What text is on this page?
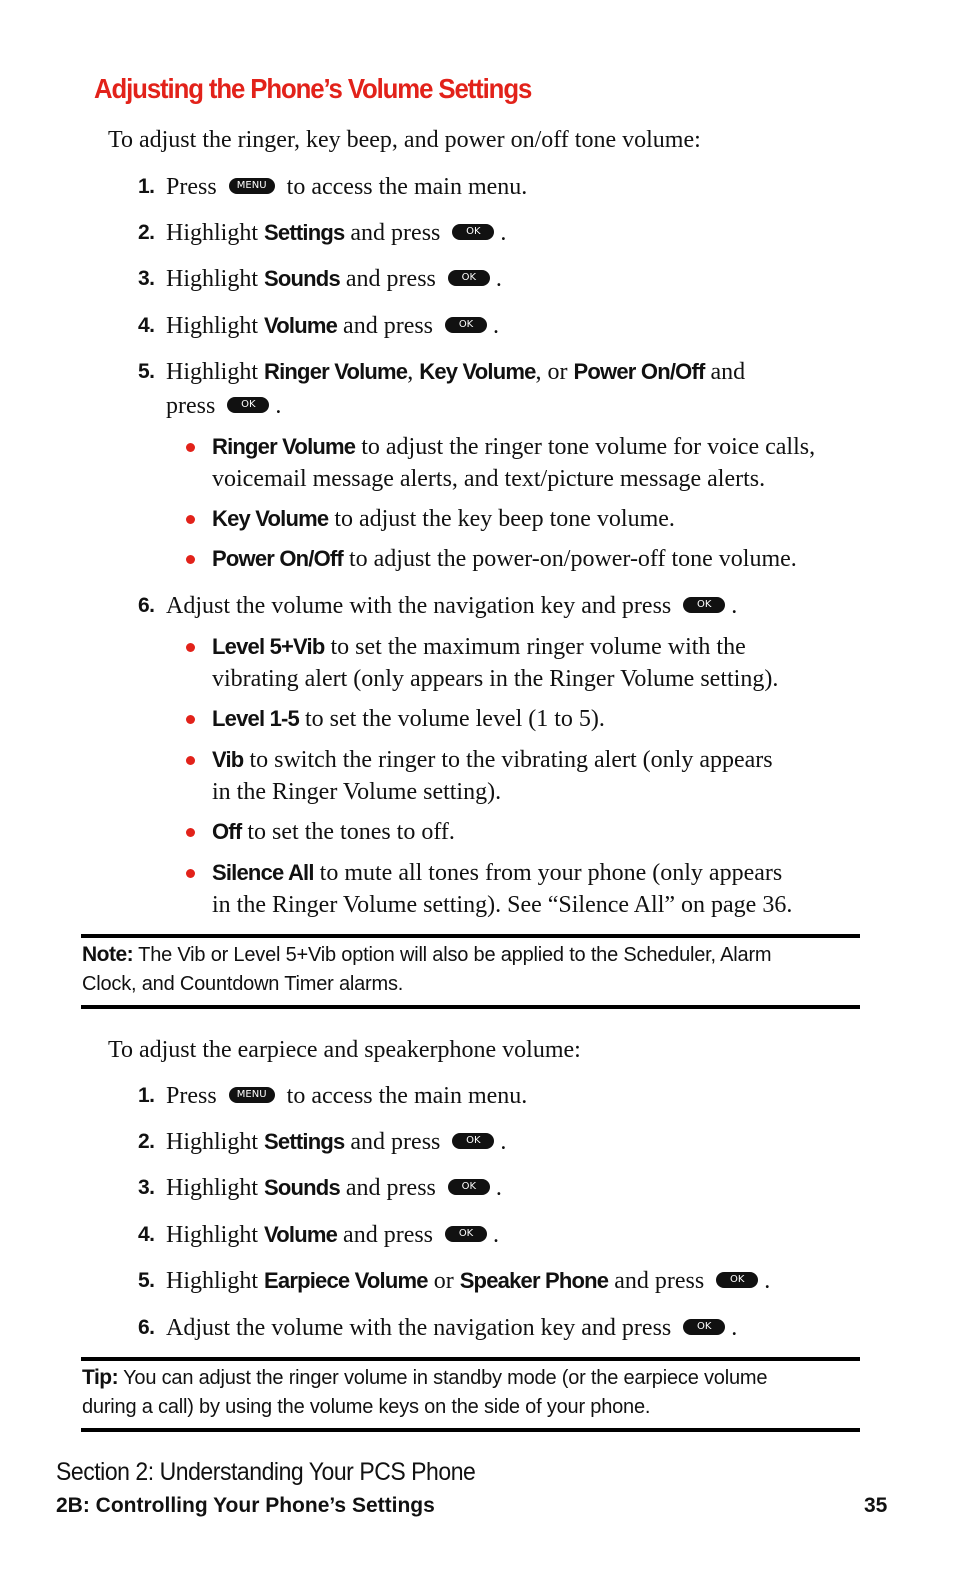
Adjusting the Phone’s Volume Settings
To adjust the ringer, key beep, and power on/off tone volume:
1. Press MENU to access the main menu.
2. Highlight Settings and press	OK .
3. Highlight Sounds and press	OK .
4. Highlight Volume and press	OK .
5. Highlight Ringer Volume, Key Volume, or Power On/Off and
press	OK .
Ringer Volume to adjust the ringer tone volume for voice calls,
voicemail message alerts, and text/picture message alerts.
Key Volume to adjust the key beep tone volume.
Power On/Off to adjust the power-on/power-off tone volume.
6. Adjust the volume with the navigation key and press	OK .
Level 5+Vib to set the maximum ringer volume with the
vibrating alert (only appears in the Ringer Volume setting).
Level 1-5 to set the volume level (1 to 5).
Vib to switch the ringer to the vibrating alert (only appears
in the Ringer Volume setting).
Off to set the tones to off.
Silence All to mute all tones from your phone (only appears
in the Ringer Volume setting). See “Silence All” on page 36.
Note: The Vib or Level 5+Vib option will also be applied to the Scheduler, Alarm
Clock, and Countdown Timer alarms.
To adjust the earpiece and speakerphone volume:
1. Press MENU to access the main menu.
2. Highlight Settings and press	OK .
3. Highlight Sounds and press	OK .
4. Highlight Volume and press	OK .
5. Highlight Earpiece Volume or Speaker Phone and press	OK .
6. Adjust the volume with the navigation key and press	OK .
Tip: You can adjust the ringer volume in standby mode (or the earpiece volume
during a call) by using the volume keys on the side of your phone.
Section 2: Understanding Your PCS Phone
2B: Controlling Your Phone’s Settings	35
